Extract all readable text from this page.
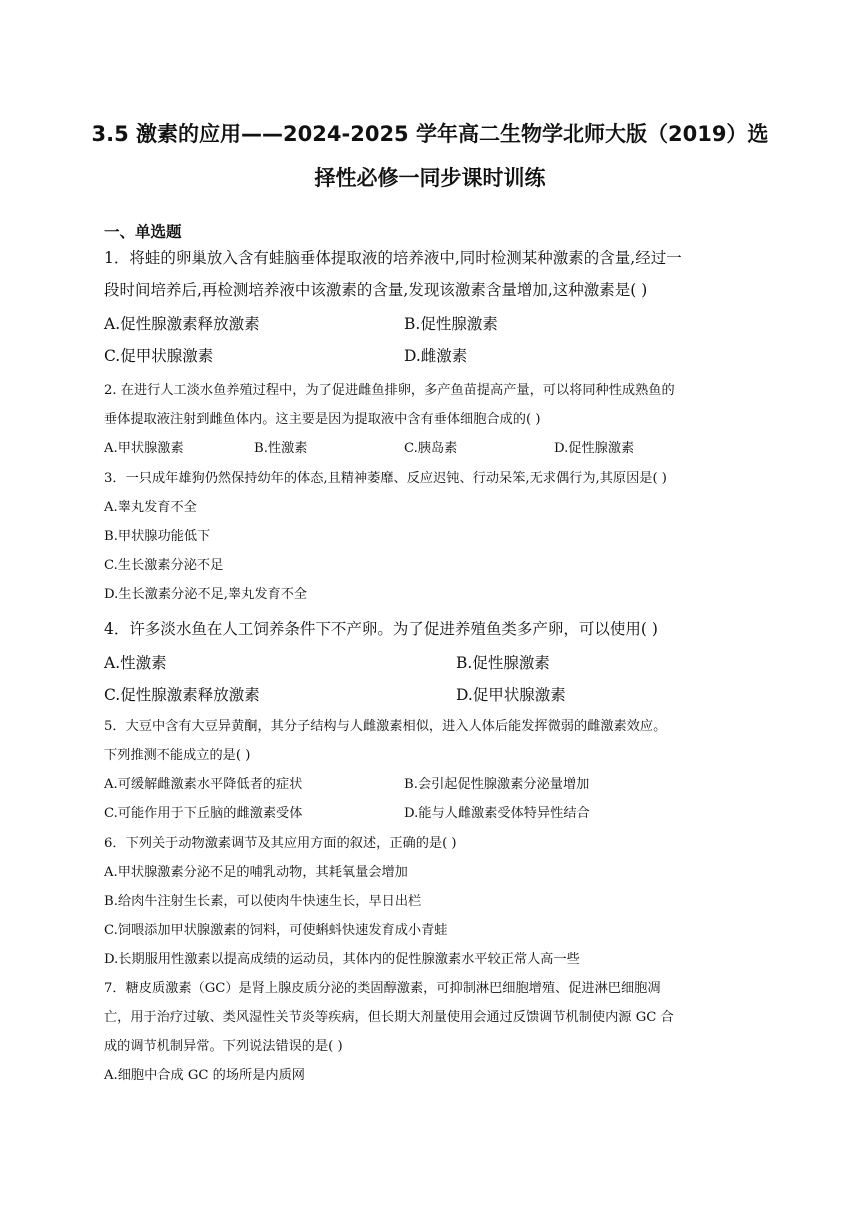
3.5 激素的应用——2024-2025 学年高二生物学北师大版（2019）选
择性必修一同步课时训练
一、单选题
1．将蛙的卵巢放入含有蛙脑垂体提取液的培养液中,同时检测某种激素的含量,经过一
段时间培养后,再检测培养液中该激素的含量,发现该激素含量增加,这种激素是( )
A.促性腺激素释放激素	B.促性腺激素
C.促甲状腺激素	D.雌激素
2. 在进行人工淡水鱼养殖过程中，为了促进雌鱼排卵，多产鱼苗提高产量，可以将同种性成熟鱼的
垂体提取液注射到雌鱼体内。这主要是因为提取液中含有垂体细胞合成的( )
A.甲状腺激素	B.性激素	C.胰岛素	D.促性腺激素
3．一只成年雄狗仍然保持幼年的体态,且精神萎靡、反应迟钝、行动呆笨,无求偶行为,其原因是( )
A.睾丸发育不全
B.甲状腺功能低下
C.生长激素分泌不足
D.生长激素分泌不足,睾丸发育不全
4．许多淡水鱼在人工饲养条件下不产卵。为了促进养殖鱼类多产卵，可以使用( )
A.性激素	B.促性腺激素
C.促性腺激素释放激素	D.促甲状腺激素
5．大豆中含有大豆异黄酮，其分子结构与人雌激素相似，进入人体后能发挥微弱的雌激素效应。
下列推测不能成立的是( )
A.可缓解雌激素水平降低者的症状	B.会引起促性腺激素分泌量增加
C.可能作用于下丘脑的雌激素受体	D.能与人雌激素受体特异性结合
6．下列关于动物激素调节及其应用方面的叙述，正确的是( )
A.甲状腺激素分泌不足的哺乳动物，其耗氧量会增加
B.给肉牛注射生长素，可以使肉牛快速生长，早日出栏
C.饲喂添加甲状腺激素的饲料，可使蝌蚪快速发育成小青蛙
D.长期服用性激素以提高成绩的运动员，其体内的促性腺激素水平较正常人高一些
7．糖皮质激素（GC）是肾上腺皮质分泌的类固醇激素，可抑制淋巴细胞增殖、促进淋巴细胞凋
亡，用于治疗过敏、类风湿性关节炎等疾病，但长期大剂量使用会通过反馈调节机制使内源 GC 合
成的调节机制异常。下列说法错误的是( )
A.细胞中合成 GC 的场所是内质网
